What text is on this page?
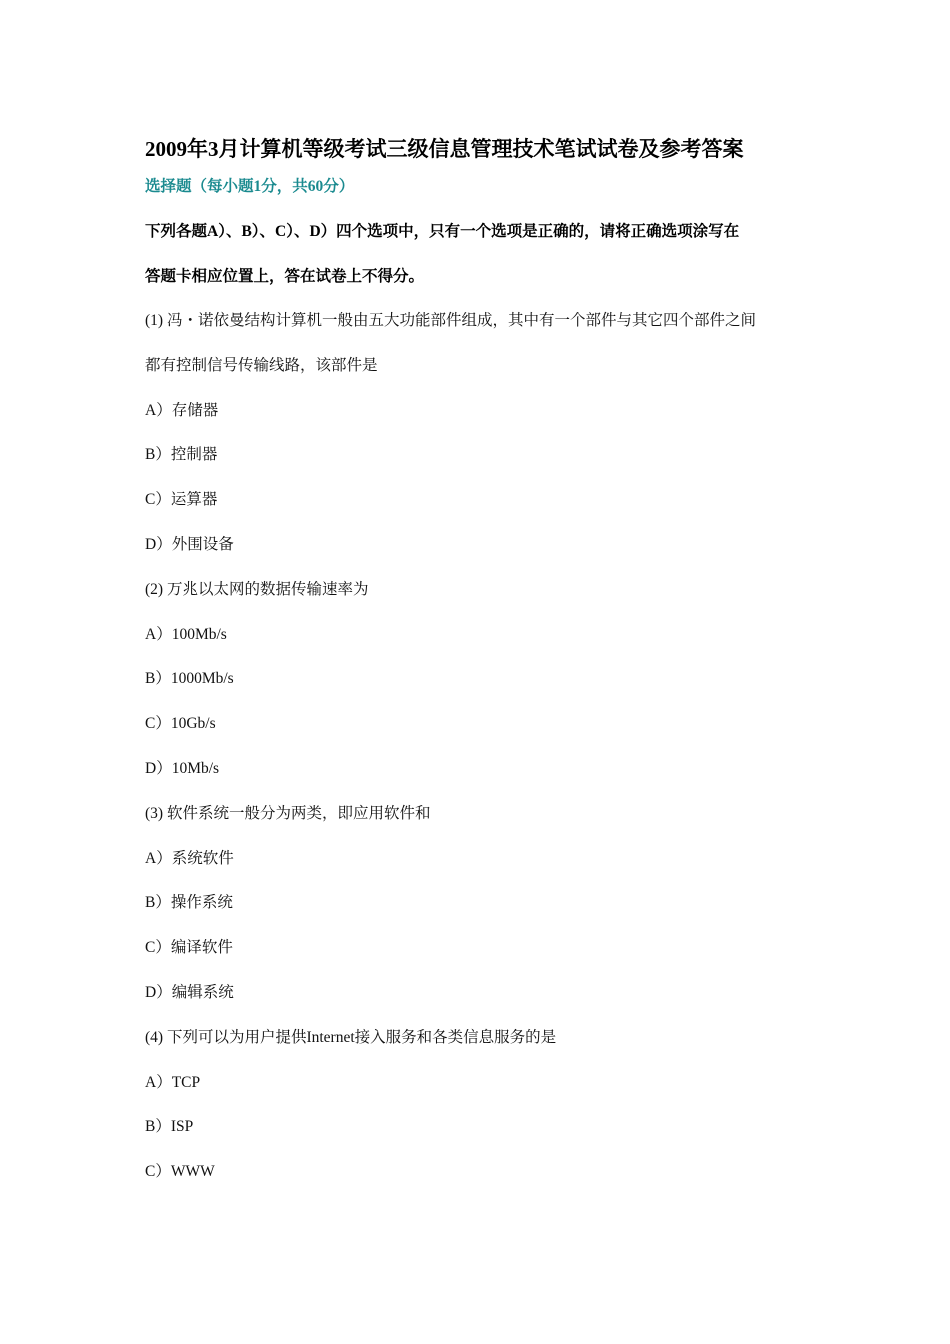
2009年3月计算机等级考试三级信息管理技术笔试试卷及参考答案
选择题（每小题1分，共60分）
下列各题A）、B）、C）、D）四个选项中，只有一个选项是正确的，请将正确选项涂写在
答题卡相应位置上，答在试卷上不得分。
(1) 冯・诺依曼结构计算机一般由五大功能部件组成，其中有一个部件与其它四个部件之间
都有控制信号传输线路，该部件是
A）存储器
B）控制器
C）运算器
D）外围设备
(2) 万兆以太网的数据传输速率为
A）100Mb/s
B）1000Mb/s
C）10Gb/s
D）10Mb/s
(3) 软件系统一般分为两类，即应用软件和
A）系统软件
B）操作系统
C）编译软件
D）编辑系统
(4) 下列可以为用户提供Internet接入服务和各类信息服务的是
A）TCP
B）ISP
C）WWW
